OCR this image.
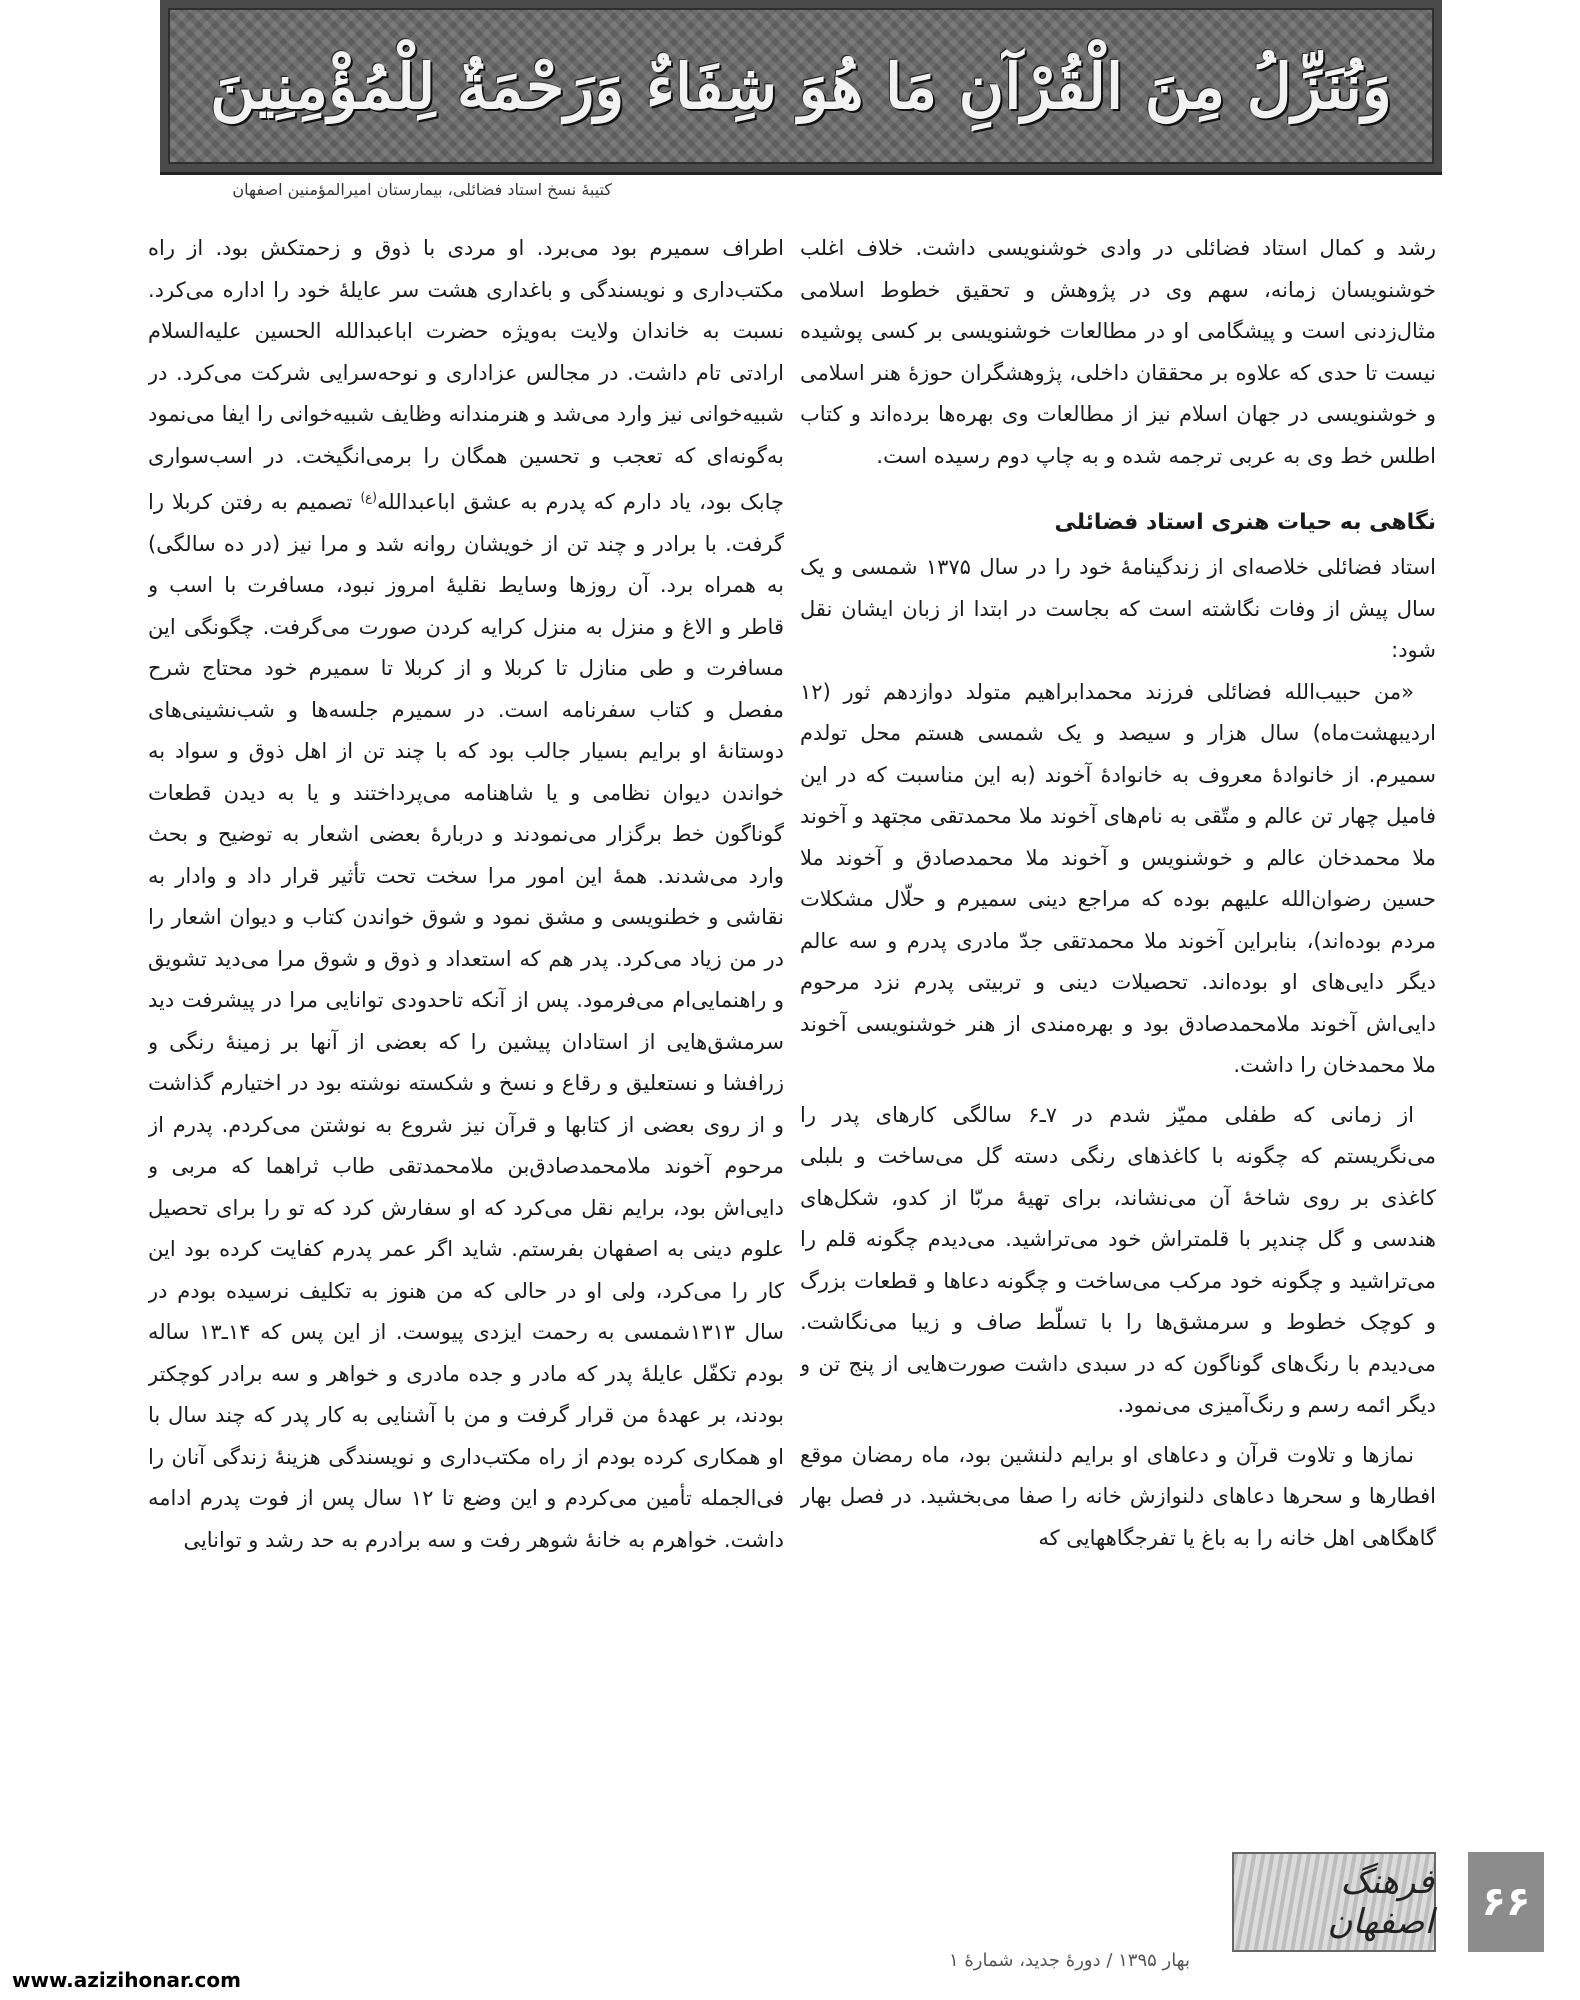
وَنُنَزِّلُ مِنَ الْقُرْآنِ مَا هُوَ شِفَاءٌ وَرَحْمَةٌ لِلْمُؤْمِنِينَ
کتیبهٔ نسخ استاد فضائلی، بیمارستان امیرالمؤمنین اصفهان

رشد و کمال استاد فضائلی در وادی خوشنویسی داشت. خلاف اغلب خوشنویسان زمانه، سهم وی در پژوهش و تحقیق خطوط اسلامی مثال‌زدنی است و پیشگامی او در مطالعات خوشنویسی بر کسی پوشیده نیست تا حدی که علاوه بر محققان داخلی، پژوهشگران حوزهٔ هنر اسلامی و خوشنویسی در جهان اسلام نیز از مطالعات وی بهره‌ها برده‌اند و کتاب اطلس خط وی به عربی ترجمه شده و به چاپ دوم رسیده است.

نگاهی به حیات هنری استاد فضائلی

استاد فضائلی خلاصه‌ای از زندگینامهٔ خود را در سال ۱۳۷۵ شمسی و یک سال پیش از وفات نگاشته است که بجاست در ابتدا از زبان ایشان نقل شود:

«من حبیب‌الله فضائلی فرزند محمدابراهیم متولد دوازدهم ثور (۱۲ اردیبهشت‌ماه) سال هزار و سیصد و یک شمسی هستم محل تولدم سمیرم. از خانوادهٔ معروف به خانوادهٔ آخوند (به این مناسبت که در این فامیل چهار تن عالم و متّقی به نام‌های آخوند ملا محمدتقی مجتهد و آخوند ملا محمدخان عالم و خوشنویس و آخوند ملا محمدصادق و آخوند ملا حسین رضوان‌الله علیهم بوده که مراجع دینی سمیرم و حلّال مشکلات مردم بوده‌اند)، بنابراین آخوند ملا محمدتقی جدّ مادری پدرم و سه عالم دیگر دایی‌های او بوده‌اند. تحصیلات دینی و تربیتی پدرم نزد مرحوم دایی‌اش آخوند ملامحمدصادق بود و بهره‌مندی از هنر خوشنویسی آخوند ملا محمدخان را داشت.

از زمانی که طفلی ممیّز شدم در ۷ـ۶ سالگی کارهای پدر را می‌نگریستم که چگونه با کاغذهای رنگی دسته گل می‌ساخت و بلبلی کاغذی بر روی شاخهٔ آن می‌نشاند، برای تهیهٔ مربّا از کدو، شکل‌های هندسی و گل چندپر با قلمتراش خود می‌تراشید. می‌دیدم چگونه قلم را می‌تراشید و چگونه خود مرکب می‌ساخت و چگونه دعاها و قطعات بزرگ و کوچک خطوط و سرمشق‌ها را با تسلّط صاف و زیبا می‌نگاشت. می‌دیدم با رنگ‌های گوناگون که در سبدی داشت صورت‌هایی از پنج تن و دیگر ائمه رسم و رنگ‌آمیزی می‌نمود.

نمازها و تلاوت قرآن و دعاهای او برایم دلنشین بود، ماه رمضان موقع افطارها و سحرها دعاهای دلنوازش خانه را صفا می‌بخشید. در فصل بهار گاهگاهی اهل خانه را به باغ یا تفرجگاههایی که

اطراف سمیرم بود می‌برد. او مردی با ذوق و زحمتکش بود. از راه مکتب‌داری و نویسندگی و باغداری هشت سر عایلهٔ خود را اداره می‌کرد. نسبت به خاندان ولایت به‌ویژه حضرت اباعبدالله الحسین علیه‌السلام ارادتی تام داشت. در مجالس عزاداری و نوحه‌سرایی شرکت می‌کرد. در شبیه‌خوانی نیز وارد می‌شد و هنرمندانه وظایف شبیه‌خوانی را ایفا می‌نمود به‌گونه‌ای که تعجب و تحسین همگان را برمی‌انگیخت. در اسب‌سواری چابک بود، یاد دارم که پدرم به عشق اباعبدالله$^{(ع)}$ تصمیم به رفتن کربلا را گرفت. با برادر و چند تن از خویشان روانه شد و مرا نیز (در ده سالگی) به همراه برد. آن روزها وسایط نقلیهٔ امروز نبود، مسافرت با اسب و قاطر و الاغ و منزل به منزل کرایه کردن صورت می‌گرفت. چگونگی این مسافرت و طی منازل تا کربلا و از کربلا تا سمیرم خود محتاج شرح مفصل و کتاب سفرنامه است. در سمیرم جلسه‌ها و شب‌نشینی‌های دوستانهٔ او برایم بسیار جالب بود که با چند تن از اهل ذوق و سواد به خواندن دیوان نظامی و یا شاهنامه می‌پرداختند و یا به دیدن قطعات گوناگون خط برگزار می‌نمودند و دربارهٔ بعضی اشعار به توضیح و بحث وارد می‌شدند. همهٔ این امور مرا سخت تحت تأثیر قرار داد و وادار به نقاشی و خطنویسی و مشق نمود و شوق خواندن کتاب و دیوان اشعار را در من زیاد می‌کرد. پدر هم که استعداد و ذوق و شوق مرا می‌دید تشویق و راهنمایی‌ام می‌فرمود. پس از آنکه تاحدودی توانایی مرا در پیشرفت دید سرمشق‌هایی از استادان پیشین را که بعضی از آنها بر زمینهٔ رنگی و زرافشا و نستعلیق و رقاع و نسخ و شکسته نوشته بود در اختیارم گذاشت و از روی بعضی از کتابها و قرآن نیز شروع به نوشتن می‌کردم. پدرم از مرحوم آخوند ملامحمدصادق‌بن ملامحمدتقی طاب ثراهما که مربی و دایی‌اش بود، برایم نقل می‌کرد که او سفارش کرد که تو را برای تحصیل علوم دینی به اصفهان بفرستم. شاید اگر عمر پدرم کفایت کرده بود این کار را می‌کرد، ولی او در حالی که من هنوز به تکلیف نرسیده بودم در سال ۱۳۱۳شمسی به رحمت ایزدی پیوست. از این پس که ۱۴ـ۱۳ ساله بودم تکفّل عایلهٔ پدر که مادر و جده مادری و خواهر و سه برادر کوچکتر بودند، بر عهدهٔ من قرار گرفت و من با آشنایی به کار پدر که چند سال با او همکاری کرده بودم از راه مکتب‌داری و نویسندگی هزینهٔ زندگی آنان را فی‌الجمله تأمین می‌کردم و این وضع تا ۱۲ سال پس از فوت پدرم ادامه داشت. خواهرم به خانهٔ شوهر رفت و سه برادرم به حد رشد و توانایی

فرهنگ اصفهان	۶۶
بهار ۱۳۹۵ / دورهٔ جدید، شمارهٔ ۱
www.azizihonar.com
